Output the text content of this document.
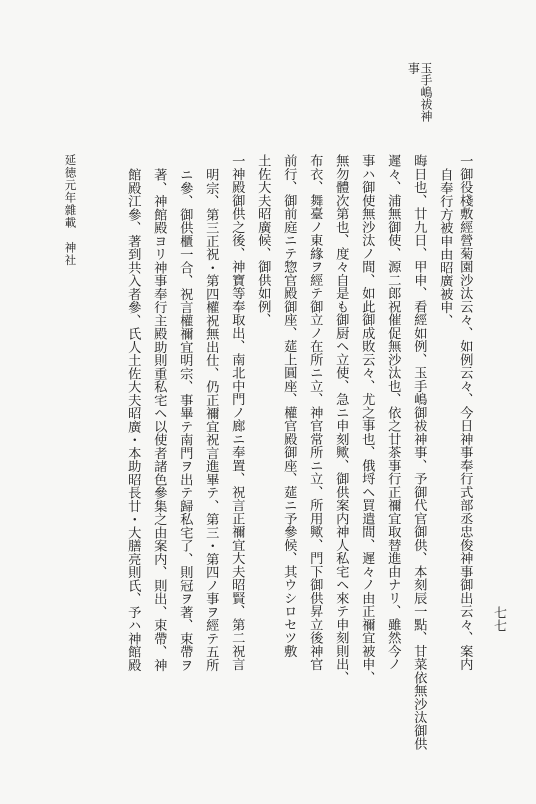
七七
玉手嶋祓神事
一御役棧敷經營菊園沙汰云々、如例云々、今日神事奉行式部丞忠俊神事御出云々、案内
自奉行方被申由昭廣被申、
晦日也、廿九日、甲申、看經如例、玉手嶋御祓神事、予御代官御供、本刻辰一點、甘菜依無沙汰御供
遲々、浦無御使、源二郎祝催促無沙汰也、依之廿茶事行正禰宜取替進由ナリ、雖然今ノ
事ハ御使無沙汰ノ間、如此御成敗云々、尤之事也、俄埒ヘ買遣間、遲々ノ由正禰宜被申、
無勿體次第也、度々自是も御厨ヘ立使、急ニ申刻歟、御供案内神人私宅ヘ來テ申刻則出、
布衣、舞臺ノ東緣ヲ經テ御立ノ在所ニ立、神官常所ニ立、所用歟、門下御供昇立後神官
前行、御前庭ニテ惣官殿御座、莚上圓座、權官殿御座、莚ニ予參候、其ウシロセツ敷
土佐大夫昭廣候、御供如例、
一神殿御供之後、神寶等奉取出、南北中門ノ廊ニ奉置、祝言正禰宜大夫昭賢、第二祝言
明宗、第三正祝・第四權祝無出仕、仍正禰宜祝言進畢テ、第三・第四ノ事ヲ經テ五所
ニ參、御供櫃一合、祝言權禰宜明宗、事畢テ南門ヲ出テ歸私宅了、則冠ヲ著、束帶ヲ
著、神館殿ヨリ神事奉行主殿助則重私宅ヘ以使者諸色參集之由案内、則出、束帶、神
館殿江參、著到共入者參、氏人土佐大夫昭廣・本助昭長廿・大膳亮則氏、予ハ神館殿
延徳元年雜載　神社
